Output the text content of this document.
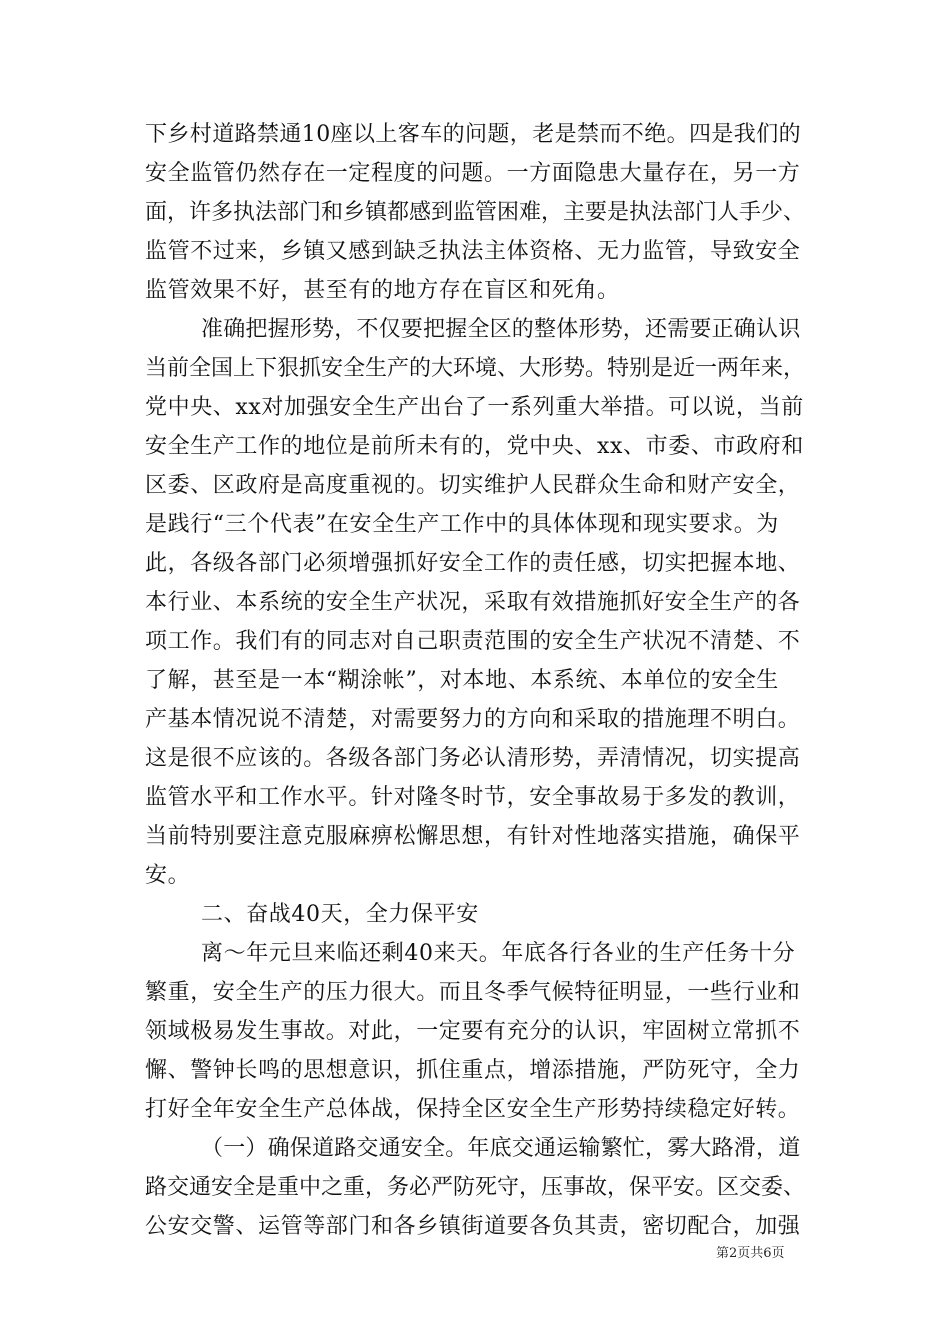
下乡村道路禁通10座以上客车的问题，老是禁而不绝。四是我们的
安全监管仍然存在一定程度的问题。一方面隐患大量存在，另一方
面，许多执法部门和乡镇都感到监管困难，主要是执法部门人手少、
监管不过来，乡镇又感到缺乏执法主体资格、无力监管，导致安全
监管效果不好，甚至有的地方存在盲区和死角。
准确把握形势，不仅要把握全区的整体形势，还需要正确认识
当前全国上下狠抓安全生产的大环境、大形势。特别是近一两年来，
党中央、xx对加强安全生产出台了一系列重大举措。可以说，当前
安全生产工作的地位是前所未有的，党中央、xx、市委、市政府和
区委、区政府是高度重视的。切实维护人民群众生命和财产安全，
是践行“三个代表”在安全生产工作中的具体体现和现实要求。为
此，各级各部门必须增强抓好安全工作的责任感，切实把握本地、
本行业、本系统的安全生产状况，采取有效措施抓好安全生产的各
项工作。我们有的同志对自己职责范围的安全生产状况不清楚、不
了解，甚至是一本“糊涂帐”，对本地、本系统、本单位的安全生
产基本情况说不清楚，对需要努力的方向和采取的措施理不明白。
这是很不应该的。各级各部门务必认清形势，弄清情况，切实提高
监管水平和工作水平。针对隆冬时节，安全事故易于多发的教训，
当前特别要注意克服麻痹松懈思想，有针对性地落实措施，确保平
安。
二、奋战40天，全力保平安
离～年元旦来临还剩40来天。年底各行各业的生产任务十分
繁重，安全生产的压力很大。而且冬季气候特征明显，一些行业和
领域极易发生事故。对此，一定要有充分的认识，牢固树立常抓不
懈、警钟长鸣的思想意识，抓住重点，增添措施，严防死守，全力
打好全年安全生产总体战，保持全区安全生产形势持续稳定好转。
（一）确保道路交通安全。年底交通运输繁忙，雾大路滑，道
路交通安全是重中之重，务必严防死守，压事故，保平安。区交委、
公安交警、运管等部门和各乡镇街道要各负其责，密切配合，加强
第2页共6页
